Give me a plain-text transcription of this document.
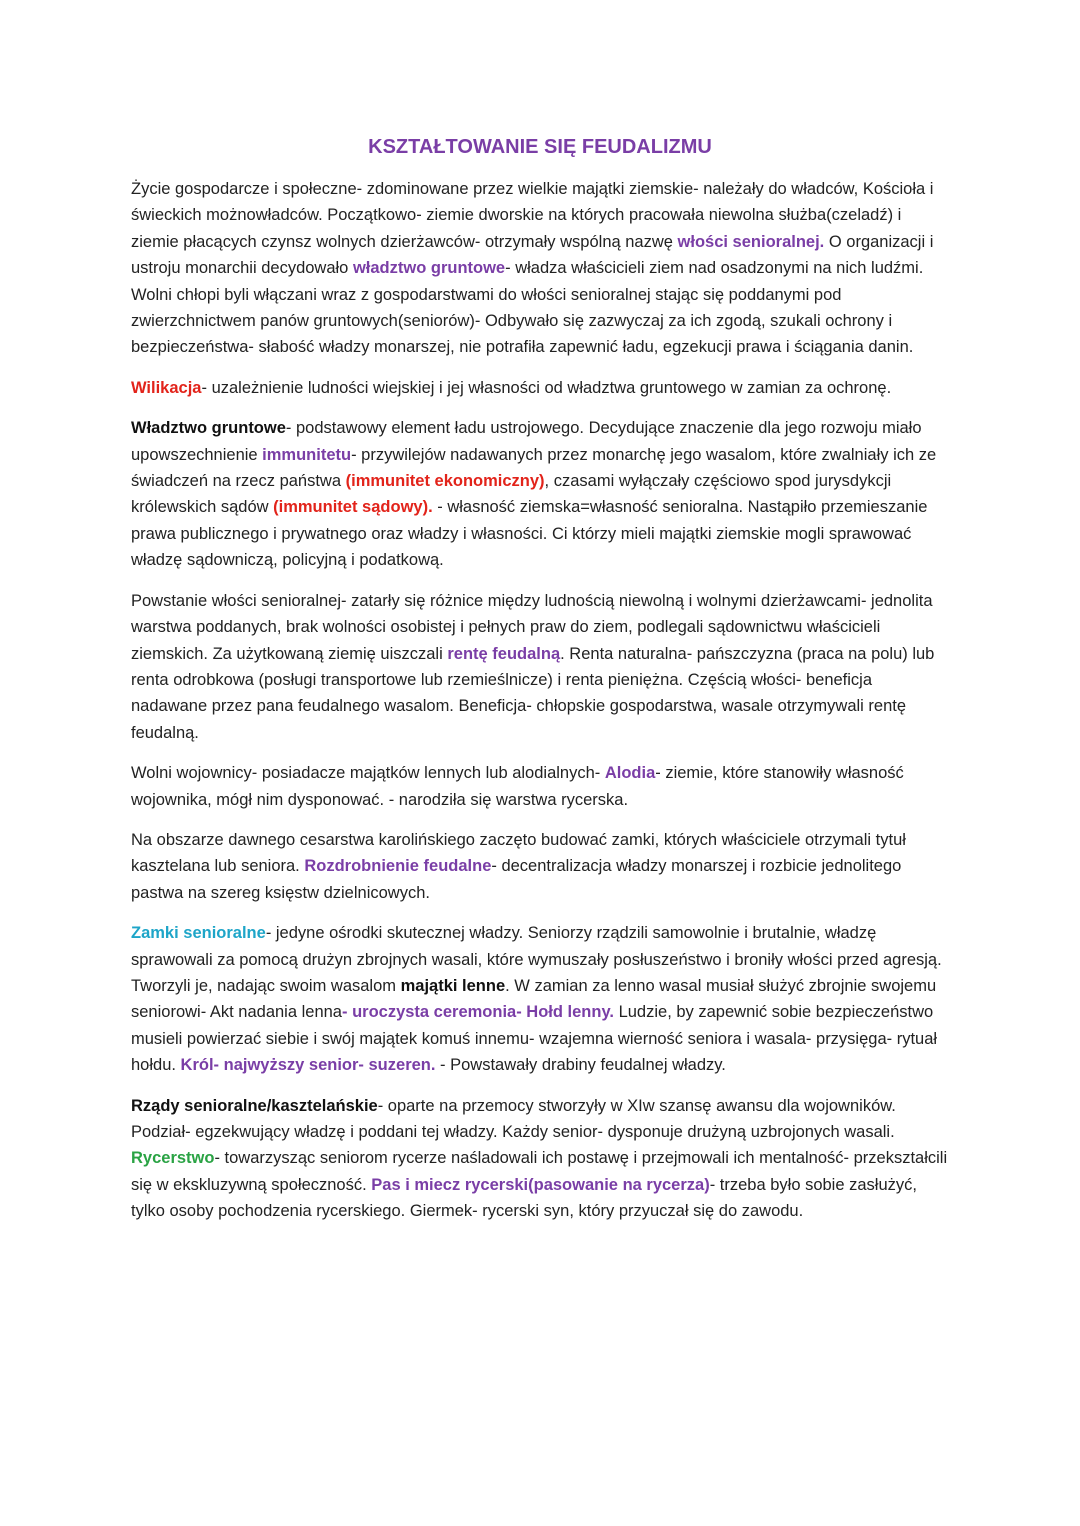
KSZTAŁTOWANIE SIĘ FEUDALIZMU

Życie gospodarcze i społeczne- zdominowane przez wielkie majątki ziemskie- należały do władców, Kościoła i świeckich możnowładców. Początkowo- ziemie dworskie na których pracowała niewolna służba(czeladź) i ziemie płacących czynsz wolnych dzierżawców- otrzymały wspólną nazwę włości senioralnej. O organizacji i ustroju monarchii decydowało władztwo gruntowe- władza właścicieli ziem nad osadzonymi na nich ludźmi. Wolni chłopi byli włączani wraz z gospodarstwami do włości senioralnej stając się poddanymi pod zwierzchnictwem panów gruntowych(seniorów)- Odbywało się zazwyczaj za ich zgodą, szukali ochrony i bezpieczeństwa- słabość władzy monarszej, nie potrafiła zapewnić ładu, egzekucji prawa i ściągania danin.

Wilikacja- uzależnienie ludności wiejskiej i jej własności od władztwa gruntowego w zamian za ochronę.

Władztwo gruntowe- podstawowy element ładu ustrojowego. Decydujące znaczenie dla jego rozwoju miało upowszechnienie immunitetu- przywilejów nadawanych przez monarchę jego wasalom, które zwalniały ich ze świadczeń na rzecz państwa (immunitet ekonomiczny), czasami wyłączały częściowo spod jurysdykcji królewskich sądów (immunitet sądowy). - własność ziemska=własność senioralna. Nastąpiło przemieszanie prawa publicznego i prywatnego oraz władzy i własności. Ci którzy mieli majątki ziemskie mogli sprawować władzę sądowniczą, policyjną i podatkową.

Powstanie włości senioralnej- zatarły się różnice między ludnością niewolną i wolnymi dzierżawcami- jednolita warstwa poddanych, brak wolności osobistej i pełnych praw do ziem, podlegali sądownictwu właścicieli ziemskich. Za użytkowaną ziemię uiszczali rentę feudalną. Renta naturalna- pańszczyzna (praca na polu) lub renta odrobkowa (posługi transportowe lub rzemieślnicze) i renta pieniężna. Częścią włości- beneficja nadawane przez pana feudalnego wasalom. Beneficja- chłopskie gospodarstwa, wasale otrzymywali rentę feudalną.

Wolni wojownicy- posiadacze majątków lennych lub alodialnych- Alodia- ziemie, które stanowiły własność wojownika, mógł nim dysponować. - narodziła się warstwa rycerska.

Na obszarze dawnego cesarstwa karolińskiego zaczęto budować zamki, których właściciele otrzymali tytuł kasztelana lub seniora. Rozdrobnienie feudalne- decentralizacja władzy monarszej i rozbicie jednolitego pastwa na szereg księstw dzielnicowych.

Zamki senioralne- jedyne ośrodki skutecznej władzy. Seniorzy rządzili samowolnie i brutalnie, władzę sprawowali za pomocą drużyn zbrojnych wasali, które wymuszały posłuszeństwo i broniły włości przed agresją. Tworzyli je, nadając swoim wasalom majątki lenne. W zamian za lenno wasal musiał służyć zbrojnie swojemu seniorowi- Akt nadania lenna- uroczysta ceremonia- Hołd lenny. Ludzie, by zapewnić sobie bezpieczeństwo musieli powierzać siebie i swój majątek komuś innemu- wzajemna wierność seniora i wasala- przysięga- rytuał hołdu. Król- najwyższy senior- suzeren. - Powstawały drabiny feudalnej władzy.

Rządy senioralne/kasztelańskie- oparte na przemocy stworzyły w XIw szansę awansu dla wojowników. Podział- egzekwujący władzę i poddani tej władzy. Każdy senior- dysponuje drużyną uzbrojonych wasali. Rycerstwo- towarzysząc seniorom rycerze naśladowali ich postawę i przejmowali ich mentalność- przekształcili się w ekskluzywną społeczność. Pas i miecz rycerski(pasowanie na rycerza)- trzeba było sobie zasłużyć, tylko osoby pochodzenia rycerskiego. Giermek- rycerski syn, który przyuczał się do zawodu.
